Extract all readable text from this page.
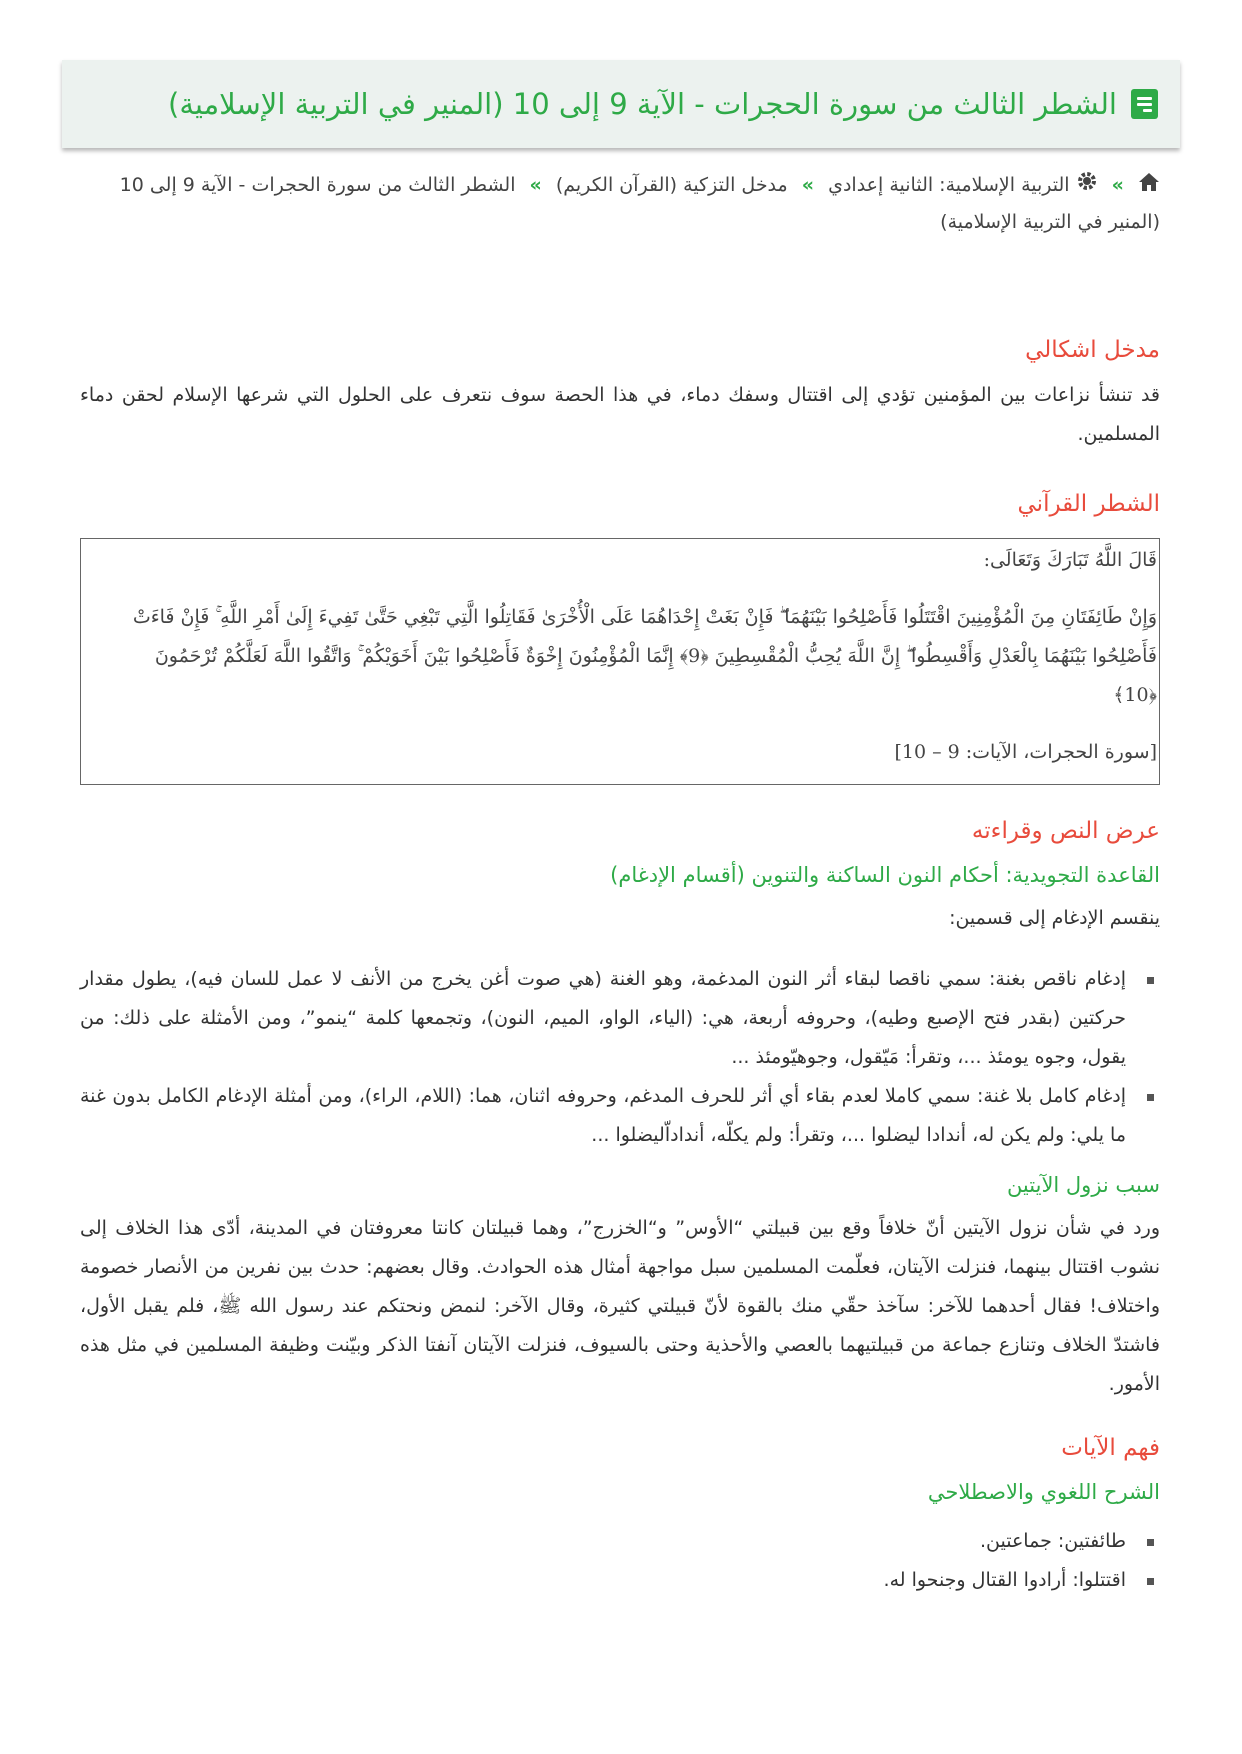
الشطر الثالث من سورة الحجرات - الآية 9 إلى 10 (المنير في التربية الإسلامية)
»  التربية الإسلامية: الثانية إعدادي » مدخل التزكية (القرآن الكريم) » الشطر الثالث من سورة الحجرات - الآية 9 إلى 10 (المنير في التربية الإسلامية)
مدخل اشكالي

قد تنشأ نزاعات بين المؤمنين تؤدي إلى اقتتال وسفك دماء، في هذا الحصة سوف نتعرف على الحلول التي شرعها الإسلام لحقن دماء المسلمين.

الشطر القرآني

قَالَ اللَّهُ تَبَارَكَ وَتَعَالَى:

وَإِنْ طَائِفَتَانِ مِنَ الْمُؤْمِنِينَ اقْتَتَلُوا فَأَصْلِحُوا بَيْنَهُمَا ۖ فَإِنْ بَغَتْ إِحْدَاهُمَا عَلَى الْأُخْرَىٰ فَقَاتِلُوا الَّتِي تَبْغِي حَتَّىٰ تَفِيءَ إِلَىٰ أَمْرِ اللَّهِ ۚ فَإِنْ فَاءَتْ فَأَصْلِحُوا بَيْنَهُمَا بِالْعَدْلِ وَأَقْسِطُوا ۖ إِنَّ اللَّهَ يُحِبُّ الْمُقْسِطِينَ ﴿9﴾ إِنَّمَا الْمُؤْمِنُونَ إِخْوَةٌ فَأَصْلِحُوا بَيْنَ أَخَوَيْكُمْ ۚ وَاتَّقُوا اللَّهَ لَعَلَّكُمْ تُرْحَمُونَ ﴿10﴾

[سورة الحجرات، الآيات: 9 – 10]

عرض النص وقراءته
القاعدة التجويدية: أحكام النون الساكنة والتنوين (أقسام الإدغام)

ينقسم الإدغام إلى قسمين:

إدغام ناقص بغنة: سمي ناقصا لبقاء أثر النون المدغمة، وهو الغنة (هي صوت أغن يخرج من الأنف لا عمل للسان فيه)، يطول مقدار حركتين (بقدر فتح الإصبع وطيه)، وحروفه أربعة، هي: (الياء، الواو، الميم، النون)، وتجمعها كلمة “ينمو”، ومن الأمثلة على ذلك: من يقول، وجوه يومئذ ...، وتقرأ: مَيّقول، وجوهيّومئذ ...
إدغام كامل بلا غنة: سمي كاملا لعدم بقاء أي أثر للحرف المدغم، وحروفه اثنان، هما: (اللام، الراء)، ومن أمثلة الإدغام الكامل بدون غنة ما يلي: ولم يكن له، أندادا ليضلوا ...، وتقرأ: ولم يكلّه، أنداداّليضلوا ...
سبب نزول الآيتين

ورد في شأن نزول الآيتين أنّ خلافاً وقع بين قبيلتي “الأوس” و“الخزرج”، وهما قبيلتان كانتا معروفتان في المدينة، أدّى هذا الخلاف إلى نشوب اقتتال بينهما، فنزلت الآيتان، فعلّمت المسلمين سبل مواجهة أمثال هذه الحوادث. وقال بعضهم: حدث بين نفرين من الأنصار خصومة واختلاف! فقال أحدهما للآخر: سآخذ حقّي منك بالقوة لأنّ قبيلتي كثيرة، وقال الآخر: لنمض ونحتكم عند رسول الله ﷺ، فلم يقبل الأول، فاشتدّ الخلاف وتنازع جماعة من قبيلتيهما بالعصي والأحذية وحتى بالسيوف، فنزلت الآيتان آنفتا الذكر وبيّنت وظيفة المسلمين في مثل هذه الأمور.

فهم الآيات
الشرح اللغوي والاصطلاحي
طائفتين: جماعتين.
اقتتلوا: أرادوا القتال وجنحوا له.
